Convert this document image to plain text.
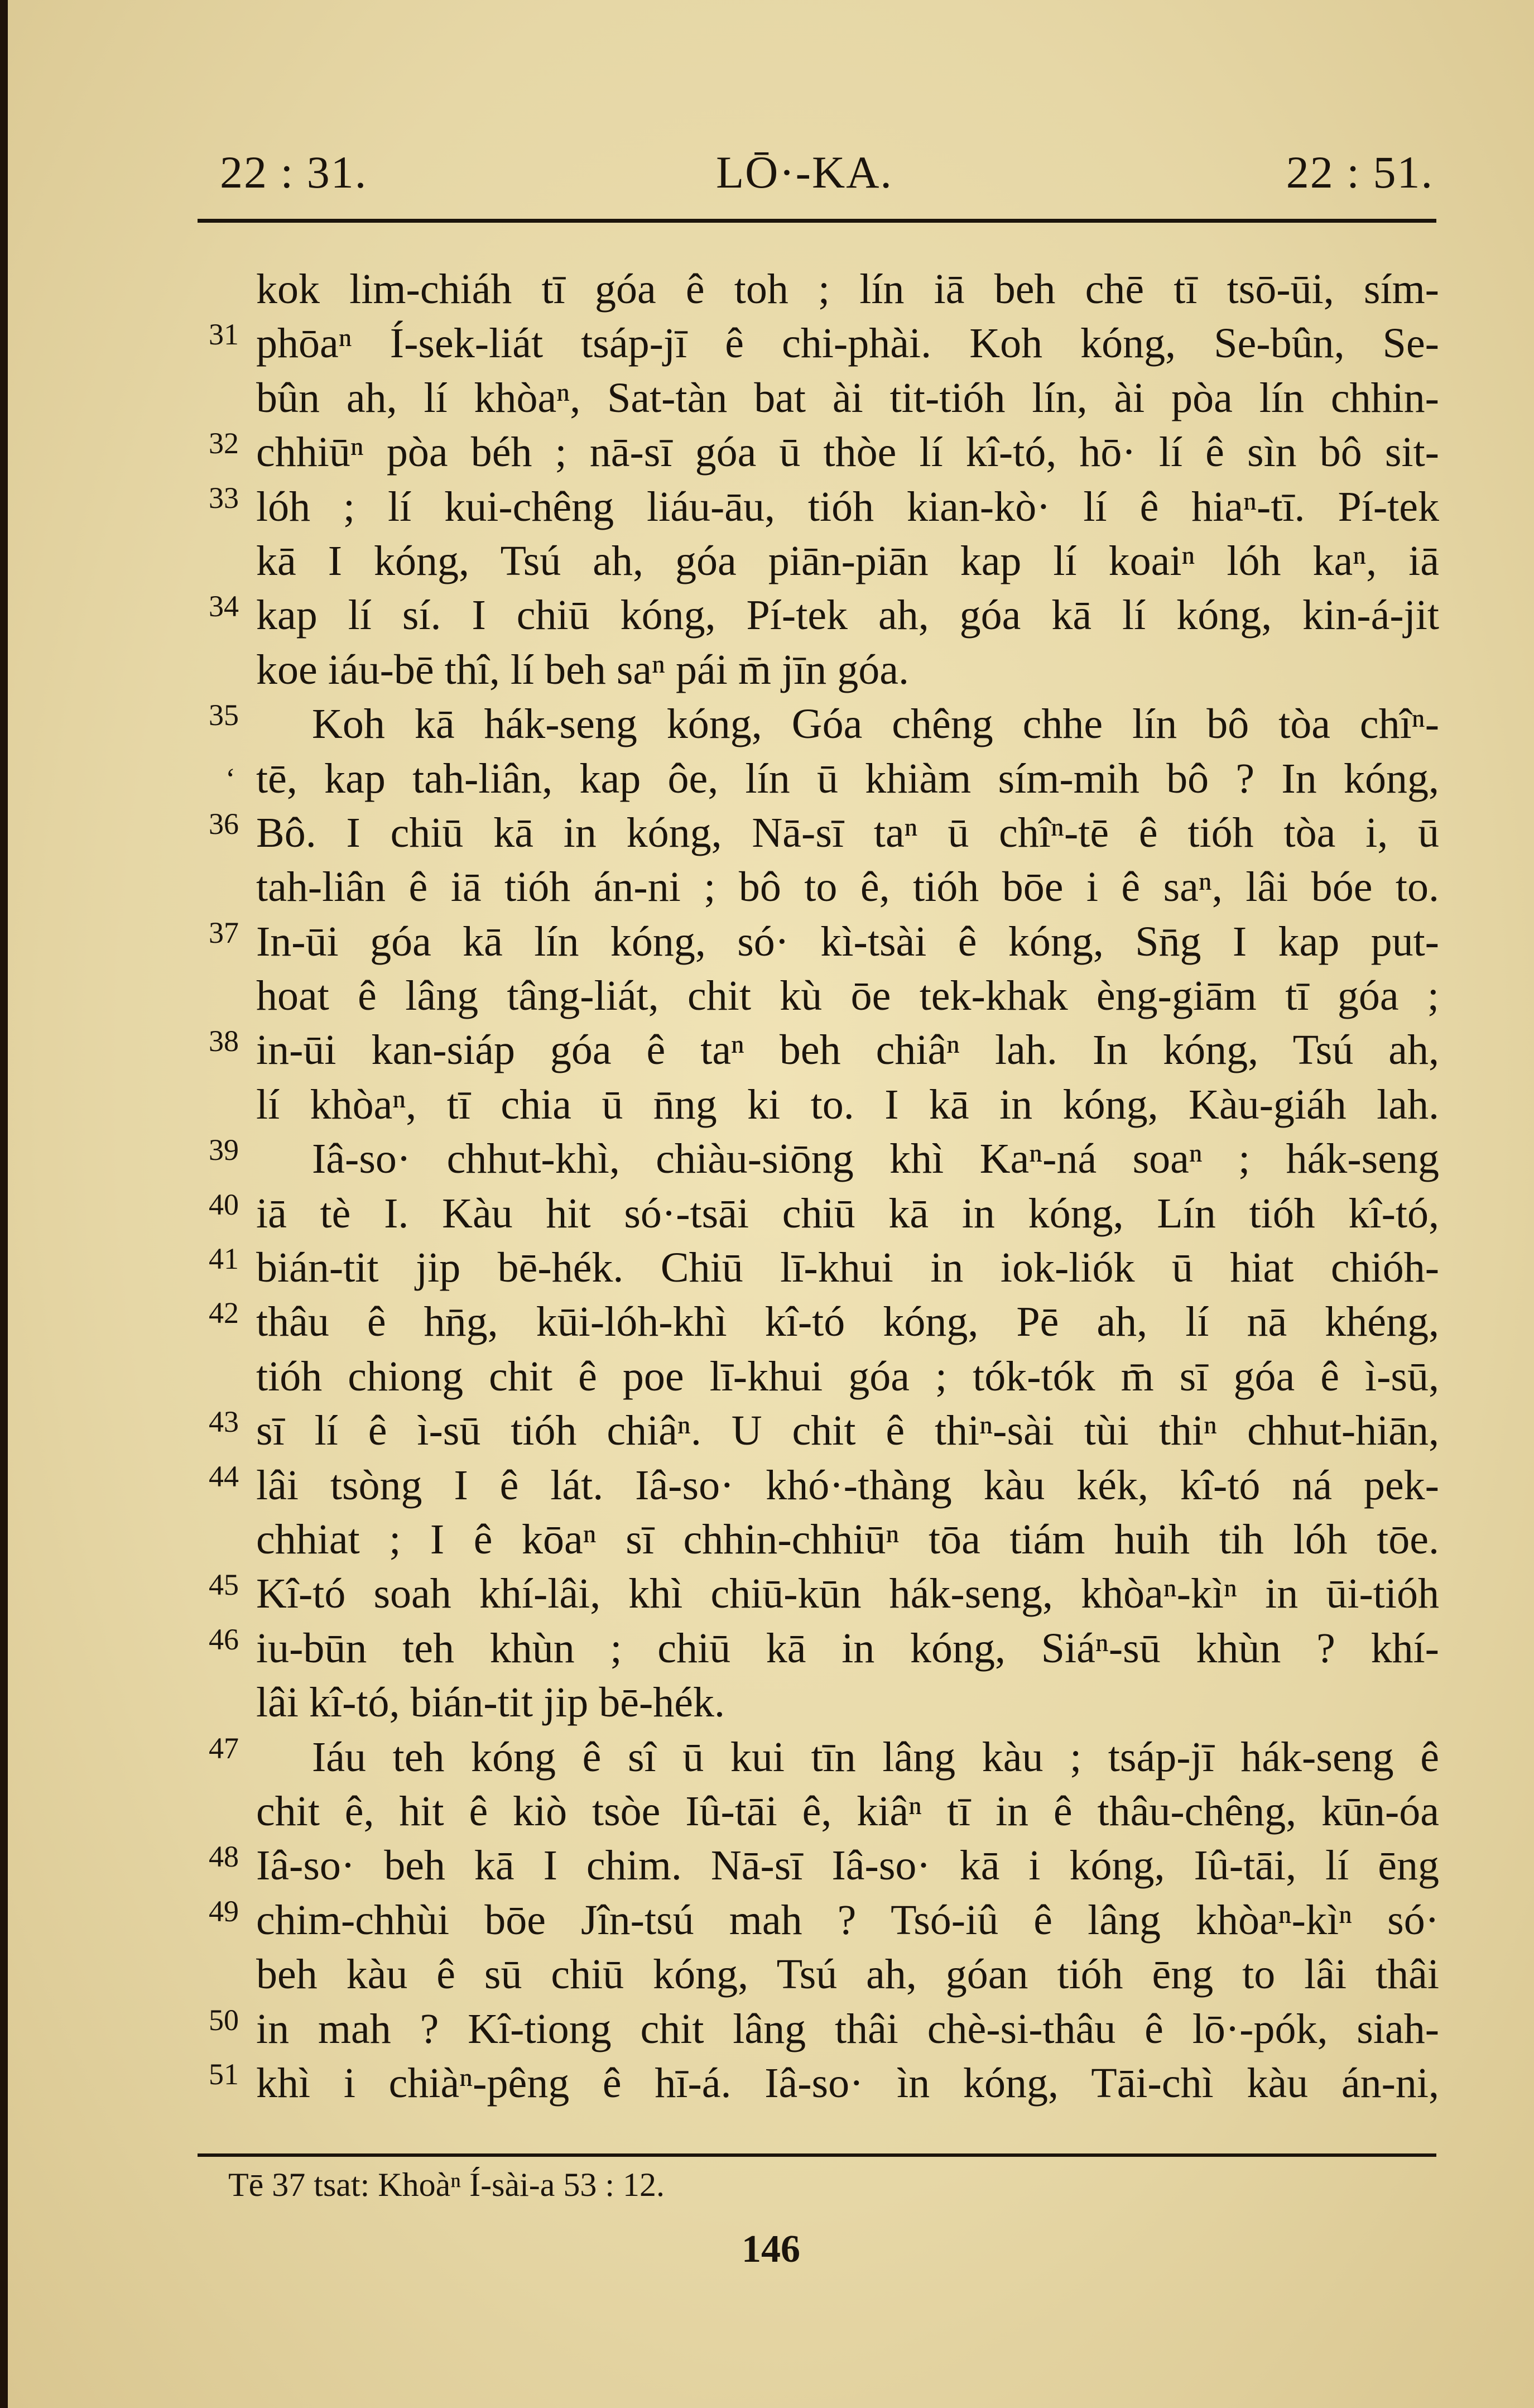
22 : 31.	LŌ·-KA.	22 : 51.
kok lim-chiáh tī góa ê toh ; lín iā beh chē tī tsō-ūi, sím-
31 phōaⁿ Í-sek-liát tsáp-jī ê chi-phài. Koh kóng, Se-bûn, Se-
bûn ah, lí khòaⁿ, Sat-tàn bat ài tit-tióh lín, ài pòa lín chhin-
32 chhiūⁿ pòa béh ; nā-sī góa ū thòe lí kî-tó, hō· lí ê sìn bô sit-
33 lóh ; lí kui-chêng liáu-āu, tióh kian-kò· lí ê hiaⁿ-tī. Pí-tek
kā I kóng, Tsú ah, góa piān-piān kap lí koaiⁿ lóh kaⁿ, iā
34 kap lí sí. I chiū kóng, Pí-tek ah, góa kā lí kóng, kin-á-jit
koe iáu-bē thî, lí beh saⁿ pái m̄ jīn góa.
35 Koh kā hák-seng kóng, Góa chêng chhe lín bô tòa chîⁿ-
‘ tē, kap tah-liân, kap ôe, lín ū khiàm sím-mih bô ? In kóng,
36 Bô. I chiū kā in kóng, Nā-sī taⁿ ū chîⁿ-tē ê tióh tòa i, ū
tah-liân ê iā tióh án-ni ; bô to ê, tióh bōe i ê saⁿ, lâi bóe to.
37 In-ūi góa kā lín kóng, só· kì-tsài ê kóng, Sn̄g I kap put-
hoat ê lâng tâng-liát, chit kù ōe tek-khak èng-giām tī góa ;
38 in-ūi kan-siáp góa ê taⁿ beh chiâⁿ lah. In kóng, Tsú ah,
lí khòaⁿ, tī chia ū n̄ng ki to. I kā in kóng, Kàu-giáh lah.
39 Iâ-so· chhut-khì, chiàu-siōng khì Kaⁿ-ná soaⁿ ; hák-seng
40 iā tè I. Kàu hit só·-tsāi chiū kā in kóng, Lín tióh kî-tó,
41 bián-tit jip bē-hék. Chiū lī-khui in iok-liók ū hiat chióh-
42 thâu ê hn̄g, kūi-lóh-khì kî-tó kóng, Pē ah, lí nā khéng,
tióh chiong chit ê poe lī-khui góa ; tók-tók m̄ sī góa ê ì-sū,
43 sī lí ê ì-sū tióh chiâⁿ. U chit ê thiⁿ-sài tùi thiⁿ chhut-hiān,
44 lâi tsòng I ê lát. Iâ-so· khó·-thàng kàu kék, kî-tó ná pek-
chhiat ; I ê kōaⁿ sī chhin-chhiūⁿ tōa tiám huih tih lóh tōe.
45 Kî-tó soah khí-lâi, khì chiū-kūn hák-seng, khòaⁿ-kìⁿ in ūi-tióh
46 iu-būn teh khùn ; chiū kā in kóng, Siáⁿ-sū khùn ? khí-
lâi kî-tó, bián-tit jip bē-hék.
47 Iáu teh kóng ê sî ū kui tīn lâng kàu ; tsáp-jī hák-seng ê
chit ê, hit ê kiò tsòe Iû-tāi ê, kiâⁿ tī in ê thâu-chêng, kūn-óa
48 Iâ-so· beh kā I chim. Nā-sī Iâ-so· kā i kóng, Iû-tāi, lí ēng
49 chim-chhùi bōe Jîn-tsú mah ? Tsó-iû ê lâng khòaⁿ-kìⁿ só·
beh kàu ê sū chiū kóng, Tsú ah, góan tióh ēng to lâi thâi
50 in mah ? Kî-tiong chit lâng thâi chè-si-thâu ê lō·-pók, siah-
51 khì i chiàⁿ-pêng ê hī-á. Iâ-so· ìn kóng, Tāi-chì kàu án-ni,
Tē 37 tsat: Khoàⁿ Í-sài-a 53 : 12.
146
